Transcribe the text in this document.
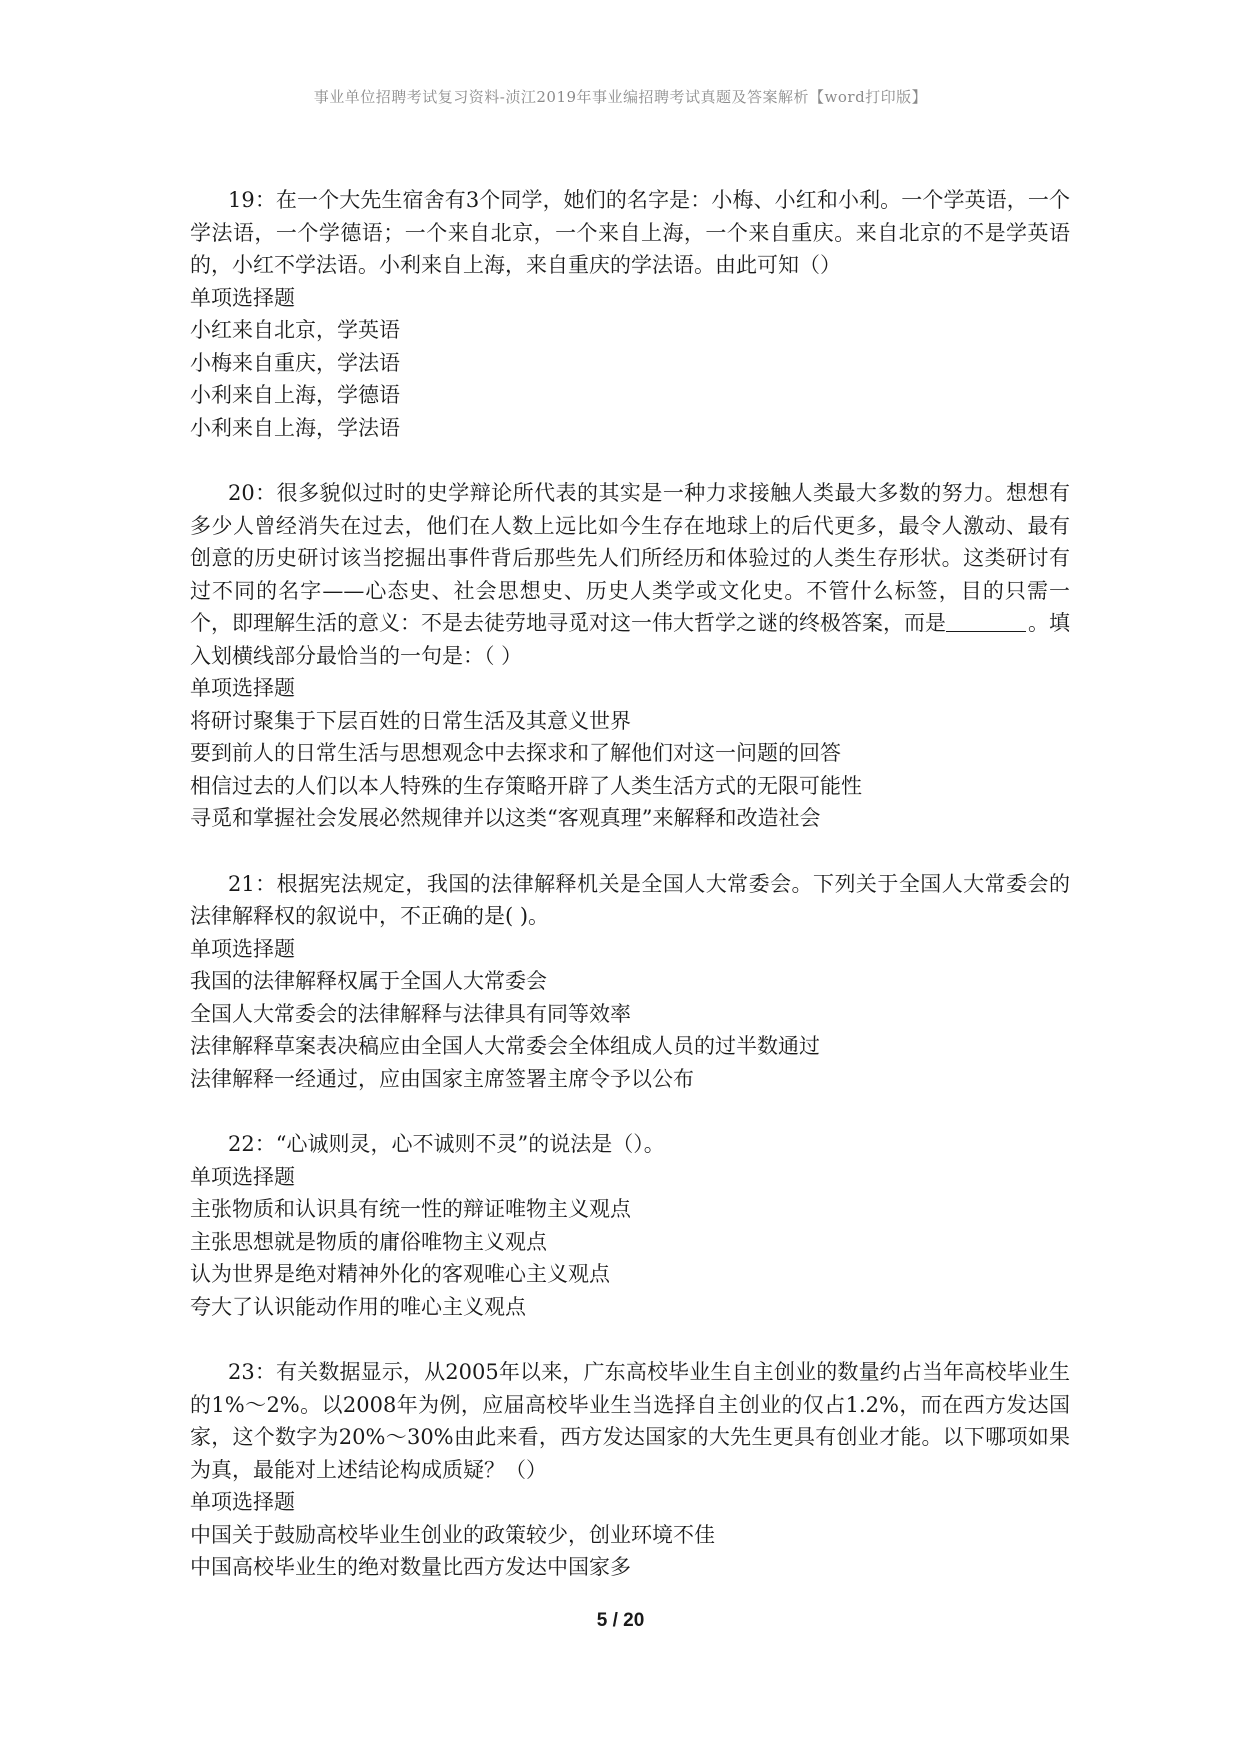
事业单位招聘考试复习资料-浈江2019年事业编招聘考试真题及答案解析【word打印版】

19：在一个大先生宿舍有3个同学，她们的名字是：小梅、小红和小利。一个学英语，一个学法语，一个学德语；一个来自北京，一个来自上海，一个来自重庆。来自北京的不是学英语的，小红不学法语。小利来自上海，来自重庆的学法语。由此可知（）

单项选择题

小红来自北京，学英语

小梅来自重庆，学法语

小利来自上海，学德语

小利来自上海，学法语

20：很多貌似过时的史学辩论所代表的其实是一种力求接触人类最大多数的努力。想想有多少人曾经消失在过去，他们在人数上远比如今生存在地球上的后代更多，最令人激动、最有创意的历史研讨该当挖掘出事件背后那些先人们所经历和体验过的人类生存形状。这类研讨有过不同的名字——心态史、社会思想史、历史人类学或文化史。不管什么标签，目的只需一个，即理解生活的意义：不是去徒劳地寻觅对这一伟大哲学之谜的终极答案，而是	。填入划横线部分最恰当的一句是：（ ）

单项选择题

将研讨聚集于下层百姓的日常生活及其意义世界

要到前人的日常生活与思想观念中去探求和了解他们对这一问题的回答

相信过去的人们以本人特殊的生存策略开辟了人类生活方式的无限可能性

寻觅和掌握社会发展必然规律并以这类“客观真理”来解释和改造社会

21：根据宪法规定，我国的法律解释机关是全国人大常委会。下列关于全国人大常委会的法律解释权的叙说中，不正确的是( )。

单项选择题

我国的法律解释权属于全国人大常委会

全国人大常委会的法律解释与法律具有同等效率

法律解释草案表决稿应由全国人大常委会全体组成人员的过半数通过

法律解释一经通过，应由国家主席签署主席令予以公布

22：“心诚则灵，心不诚则不灵”的说法是（）。

单项选择题

主张物质和认识具有统一性的辩证唯物主义观点

主张思想就是物质的庸俗唯物主义观点

认为世界是绝对精神外化的客观唯心主义观点

夸大了认识能动作用的唯心主义观点

23：有关数据显示，从2005年以来，广东高校毕业生自主创业的数量约占当年高校毕业生的1%～2%。以2008年为例，应届高校毕业生当选择自主创业的仅占1.2%，而在西方发达国家，这个数字为20%～30%由此来看，西方发达国家的大先生更具有创业才能。以下哪项如果为真，最能对上述结论构成质疑？（）

单项选择题

中国关于鼓励高校毕业生创业的政策较少，创业环境不佳

中国高校毕业生的绝对数量比西方发达中国家多

5 / 20
